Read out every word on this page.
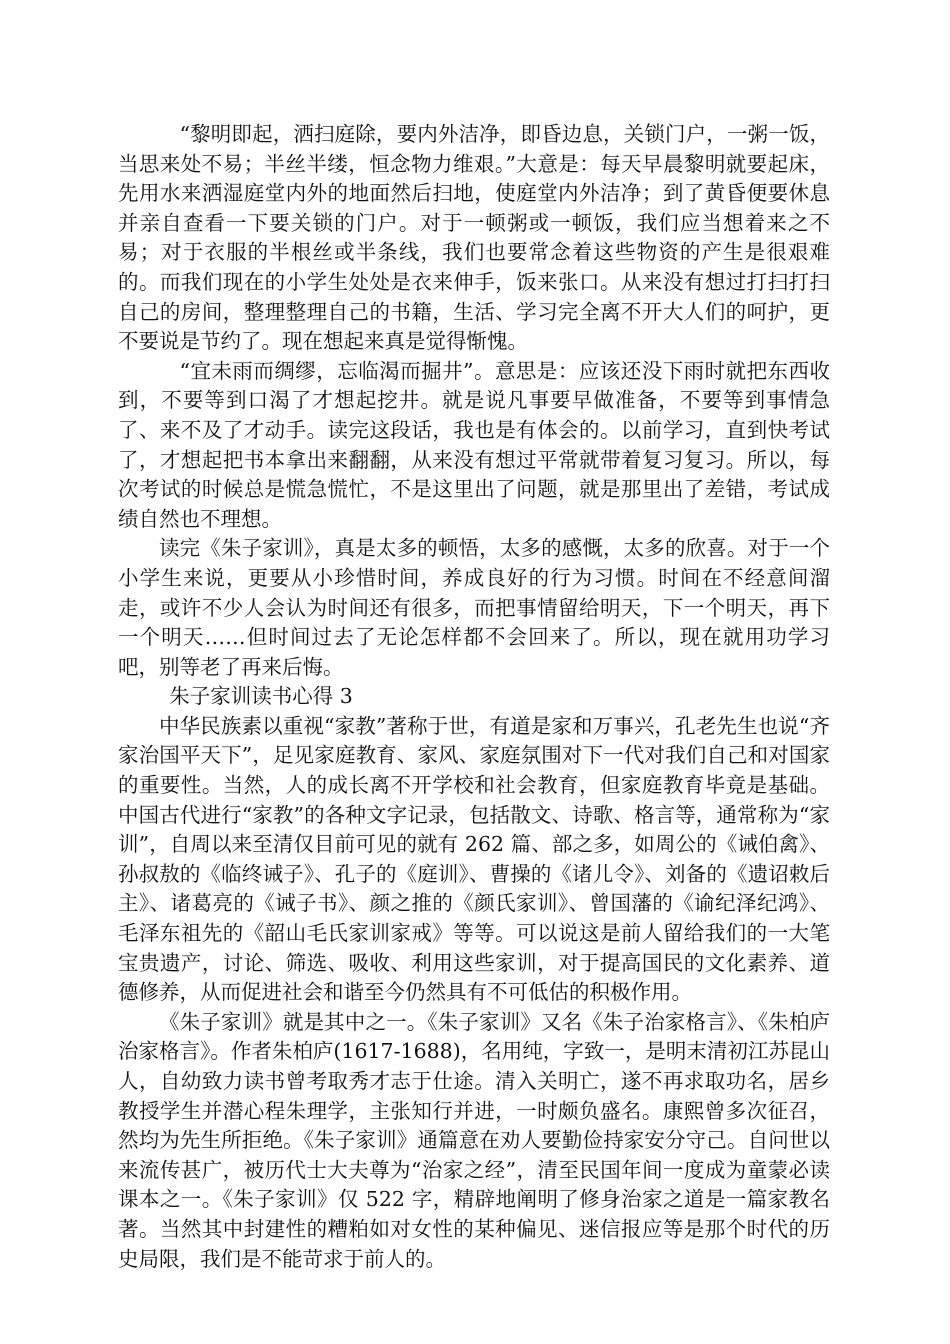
“黎明即起，洒扫庭除，要内外洁净，即昏边息，关锁门户，一粥一饭，当思来处不易；半丝半缕，恒念物力维艰。”大意是：每天早晨黎明就要起床，先用水来洒湿庭堂内外的地面然后扫地，使庭堂内外洁净；到了黄昏便要休息并亲自查看一下要关锁的门户。对于一顿粥或一顿饭，我们应当想着来之不易；对于衣服的半根丝或半条线，我们也要常念着这些物资的产生是很艰难的。而我们现在的小学生处处是衣来伸手，饭来张口。从来没有想过打扫打扫自己的房间，整理整理自己的书籍，生活、学习完全离不开大人们的呵护，更不要说是节约了。现在想起来真是觉得惭愧。

“宜未雨而绸缪，忘临渴而掘井”。意思是：应该还没下雨时就把东西收到，不要等到口渴了才想起挖井。就是说凡事要早做准备，不要等到事情急了、来不及了才动手。读完这段话，我也是有体会的。以前学习，直到快考试了，才想起把书本拿出来翻翻，从来没有想过平常就带着复习复习。所以，每次考试的时候总是慌急慌忙，不是这里出了问题，就是那里出了差错，考试成绩自然也不理想。

读完《朱子家训》，真是太多的顿悟，太多的感慨，太多的欣喜。对于一个小学生来说，更要从小珍惜时间，养成良好的行为习惯。时间在不经意间溜走，或许不少人会认为时间还有很多，而把事情留给明天，下一个明天，再下一个明天……但时间过去了无论怎样都不会回来了。所以，现在就用功学习吧，别等老了再来后悔。

朱子家训读书心得 3

中华民族素以重视“家教”著称于世，有道是家和万事兴，孔老先生也说“齐家治国平天下”，足见家庭教育、家风、家庭氛围对下一代对我们自己和对国家的重要性。当然，人的成长离不开学校和社会教育，但家庭教育毕竟是基础。中国古代进行“家教”的各种文字记录，包括散文、诗歌、格言等，通常称为“家训”，自周以来至清仅目前可见的就有 262 篇、部之多，如周公的《诫伯禽》、孙叔敖的《临终诫子》、孔子的《庭训》、曹操的《诸儿令》、刘备的《遗诏敕后主》、诸葛亮的《诫子书》、颜之推的《颜氏家训》、曾国藩的《谕纪泽纪鸿》、毛泽东祖先的《韶山毛氏家训家戒》等等。可以说这是前人留给我们的一大笔宝贵遗产，讨论、筛选、吸收、利用这些家训，对于提高国民的文化素养、道德修养，从而促进社会和谐至今仍然具有不可低估的积极作用。

《朱子家训》就是其中之一。《朱子家训》又名《朱子治家格言》、《朱柏庐治家格言》。作者朱柏庐(1617-1688)，名用纯，字致一，是明末清初江苏昆山人，自幼致力读书曾考取秀才志于仕途。清入关明亡，遂不再求取功名，居乡教授学生并潜心程朱理学，主张知行并进，一时颇负盛名。康熙曾多次征召，然均为先生所拒绝。《朱子家训》通篇意在劝人要勤俭持家安分守己。自问世以来流传甚广，被历代士大夫尊为“治家之经”，清至民国年间一度成为童蒙必读课本之一。《朱子家训》仅 522 字，精辟地阐明了修身治家之道是一篇家教名著。当然其中封建性的糟粕如对女性的某种偏见、迷信报应等是那个时代的历史局限，我们是不能苛求于前人的。
